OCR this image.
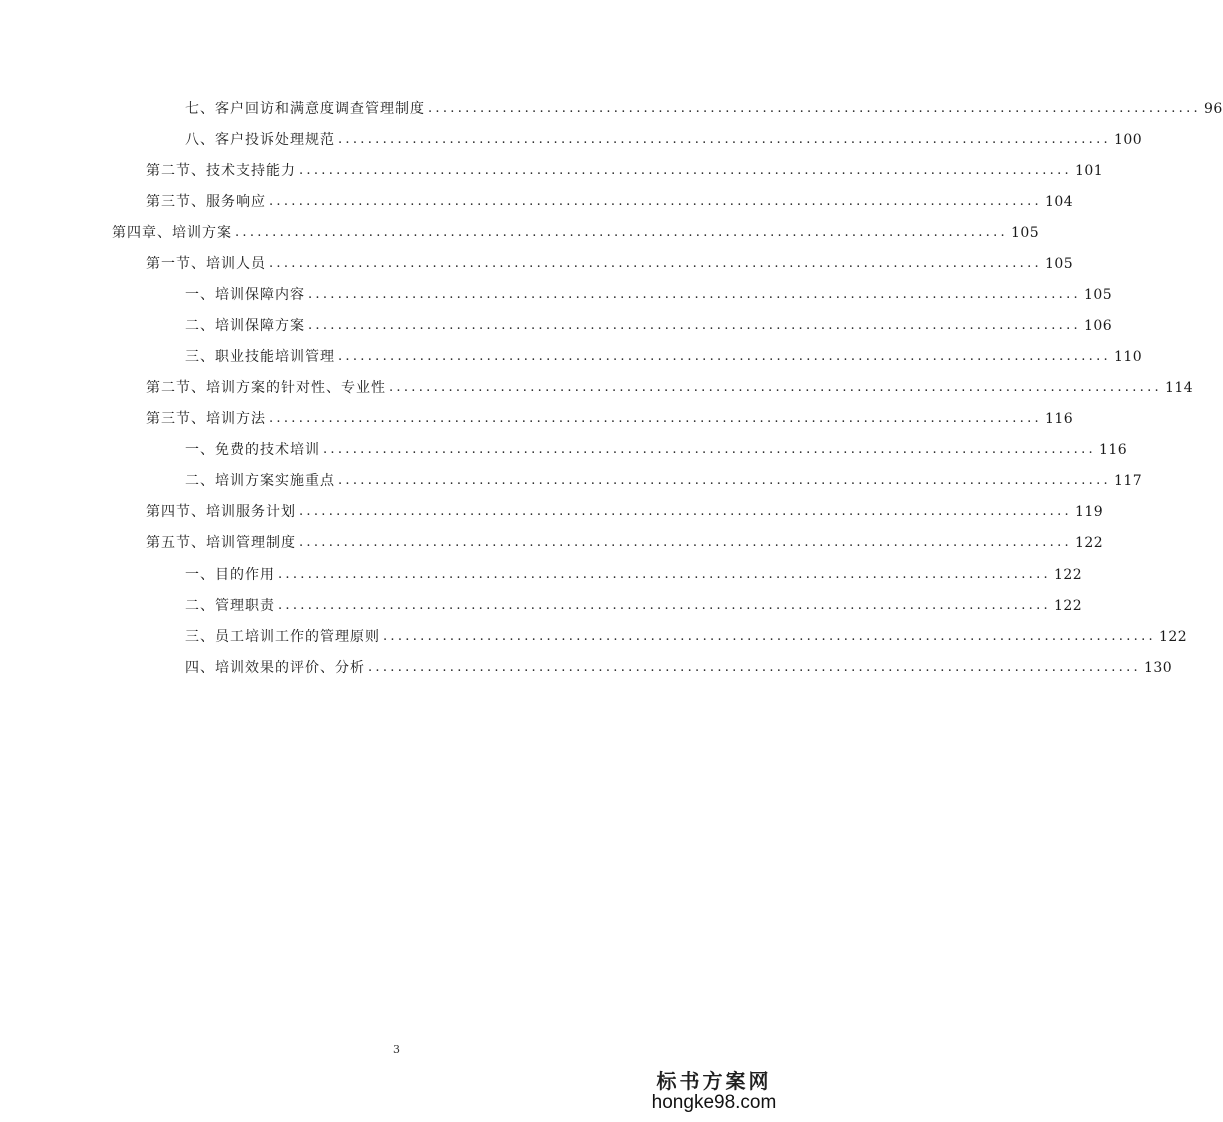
七、客户回访和满意度调查管理制度 ........................................................................................................ 96
八、客户投诉处理规范 ........................................................................................................ 100
第二节、技术支持能力 ........................................................................................................ 101
第三节、服务响应 ........................................................................................................ 104
第四章、培训方案 ........................................................................................................ 105
第一节、培训人员 ........................................................................................................ 105
一、培训保障内容 ........................................................................................................ 105
二、培训保障方案 ........................................................................................................ 106
三、职业技能培训管理 ........................................................................................................ 110
第二节、培训方案的针对性、专业性 ........................................................................................................ 114
第三节、培训方法 ........................................................................................................ 116
一、免费的技术培训 ........................................................................................................ 116
二、培训方案实施重点 ........................................................................................................ 117
第四节、培训服务计划 ........................................................................................................ 119
第五节、培训管理制度 ........................................................................................................ 122
一、目的作用 ........................................................................................................ 122
二、管理职责 ........................................................................................................ 122
三、员工培训工作的管理原则 ........................................................................................................ 122
四、培训效果的评价、分析 ........................................................................................................ 130
3
标书方案网
hongke98.com
